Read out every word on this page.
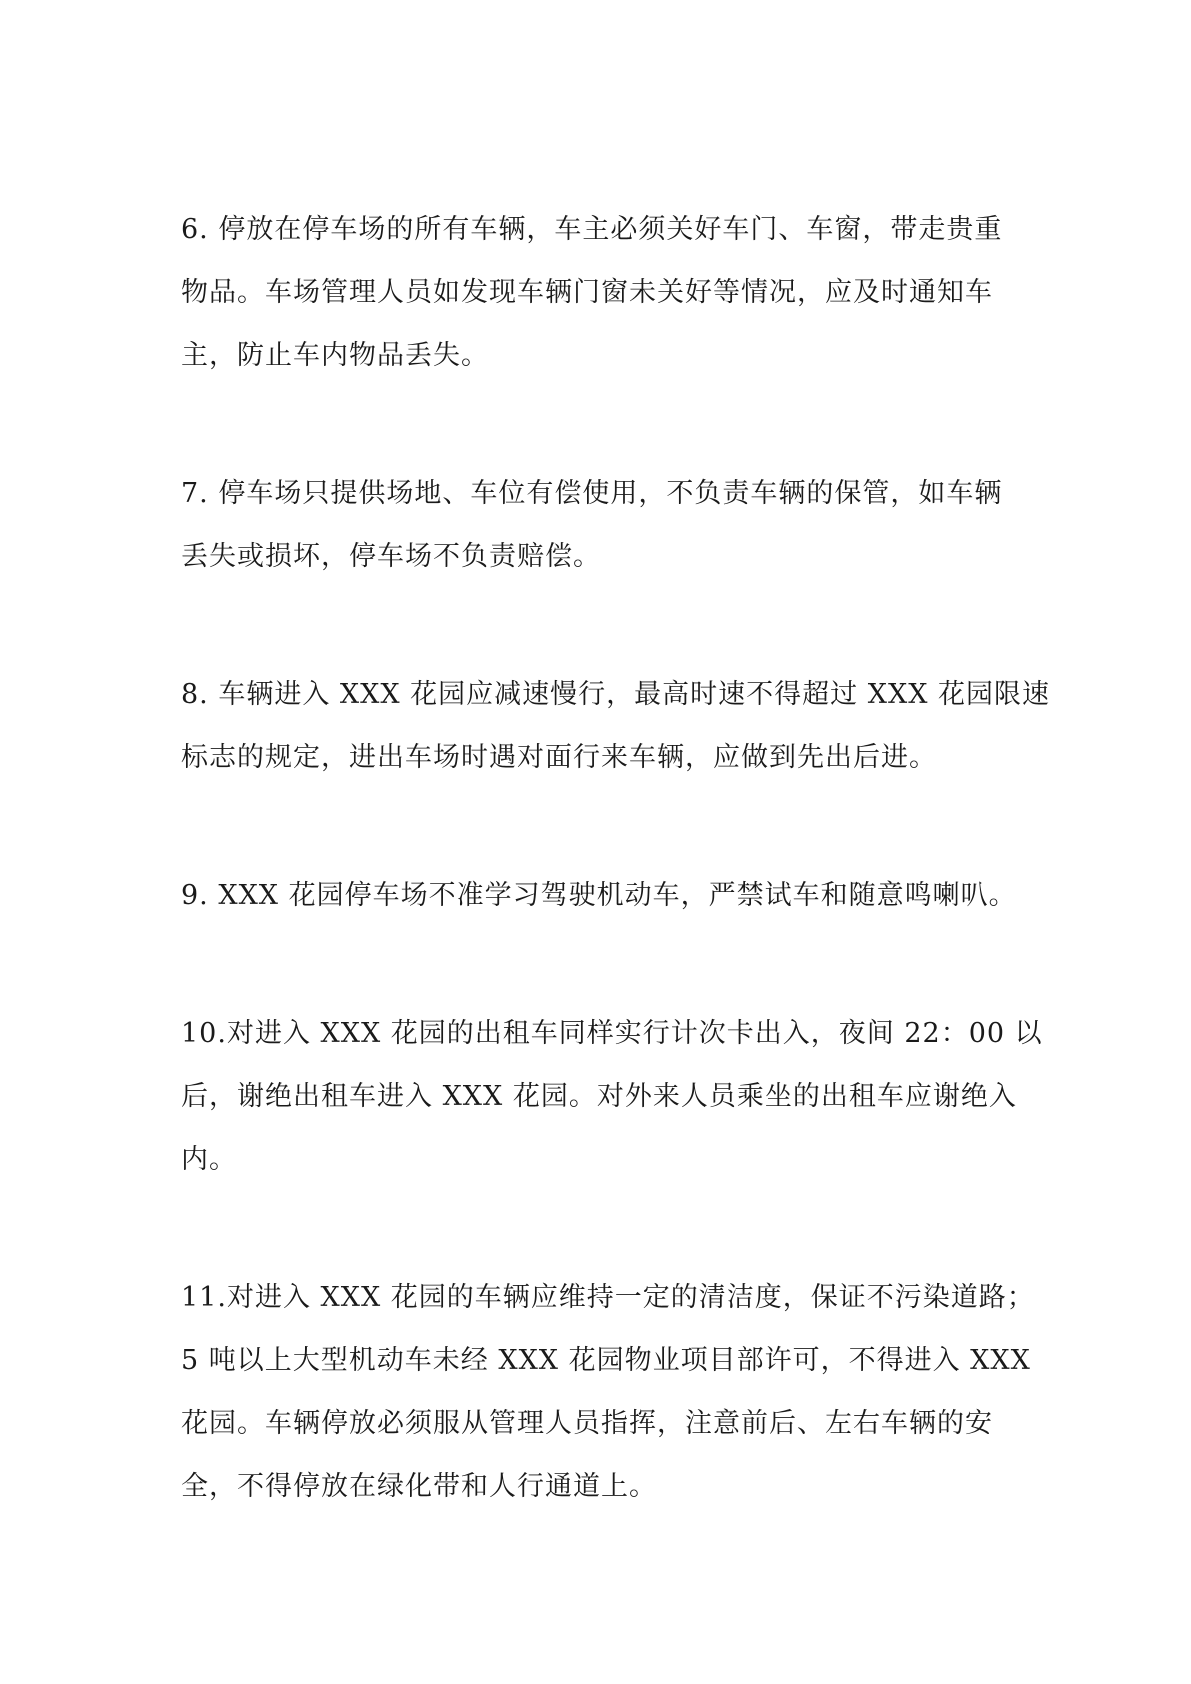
6. 停放在停车场的所有车辆，车主必须关好车门、车窗，带走贵重
物品。车场管理人员如发现车辆门窗未关好等情况，应及时通知车
主，防止车内物品丢失。

7. 停车场只提供场地、车位有偿使用，不负责车辆的保管，如车辆
丢失或损坏，停车场不负责赔偿。

8. 车辆进入 XXX 花园应减速慢行，最高时速不得超过 XXX 花园限速
标志的规定，进出车场时遇对面行来车辆，应做到先出后进。

9. XXX 花园停车场不准学习驾驶机动车，严禁试车和随意鸣喇叭。

10.对进入 XXX 花园的出租车同样实行计次卡出入，夜间 22：00 以
后，谢绝出租车进入 XXX 花园。对外来人员乘坐的出租车应谢绝入
内。

11.对进入 XXX 花园的车辆应维持一定的清洁度，保证不污染道路；
5 吨以上大型机动车未经 XXX 花园物业项目部许可，不得进入 XXX
花园。车辆停放必须服从管理人员指挥，注意前后、左右车辆的安
全，不得停放在绿化带和人行通道上。
